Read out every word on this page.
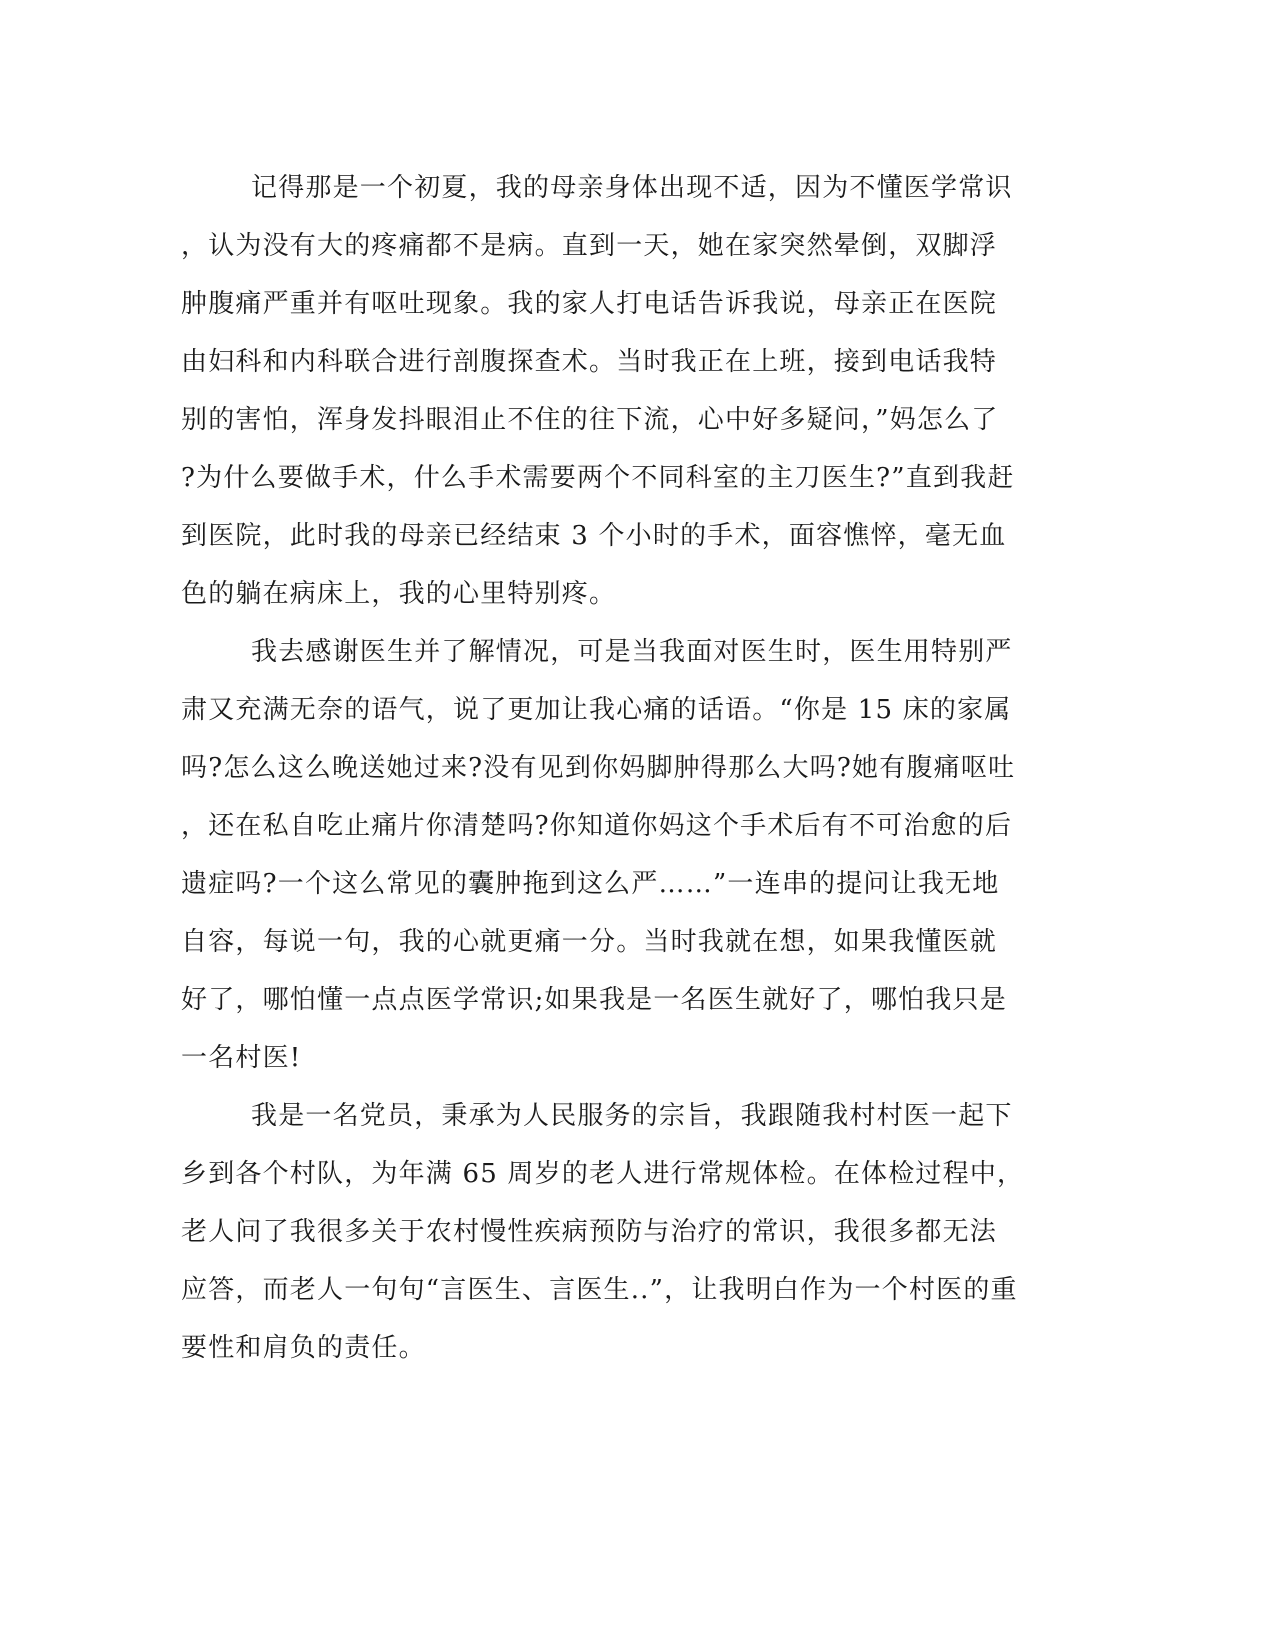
记得那是一个初夏，我的母亲身体出现不适，因为不懂医学常识
，认为没有大的疼痛都不是病。直到一天，她在家突然晕倒，双脚浮
肿腹痛严重并有呕吐现象。我的家人打电话告诉我说，母亲正在医院
由妇科和内科联合进行剖腹探查术。当时我正在上班，接到电话我特
别的害怕，浑身发抖眼泪止不住的往下流，心中好多疑问，”妈怎么了
?为什么要做手术，什么手术需要两个不同科室的主刀医生?”直到我赶
到医院，此时我的母亲已经结束 3 个小时的手术，面容憔悴，毫无血
色的躺在病床上，我的心里特别疼。
我去感谢医生并了解情况，可是当我面对医生时，医生用特别严
肃又充满无奈的语气，说了更加让我心痛的话语。“你是 15 床的家属
吗?怎么这么晚送她过来?没有见到你妈脚肿得那么大吗?她有腹痛呕吐
，还在私自吃止痛片你清楚吗?你知道你妈这个手术后有不可治愈的后
遗症吗?一个这么常见的囊肿拖到这么严……”一连串的提问让我无地
自容，每说一句，我的心就更痛一分。当时我就在想，如果我懂医就
好了，哪怕懂一点点医学常识;如果我是一名医生就好了，哪怕我只是
一名村医!
我是一名党员，秉承为人民服务的宗旨，我跟随我村村医一起下
乡到各个村队，为年满 65 周岁的老人进行常规体检。在体检过程中，
老人问了我很多关于农村慢性疾病预防与治疗的常识，我很多都无法
应答，而老人一句句“言医生、言医生..”，让我明白作为一个村医的重
要性和肩负的责任。
